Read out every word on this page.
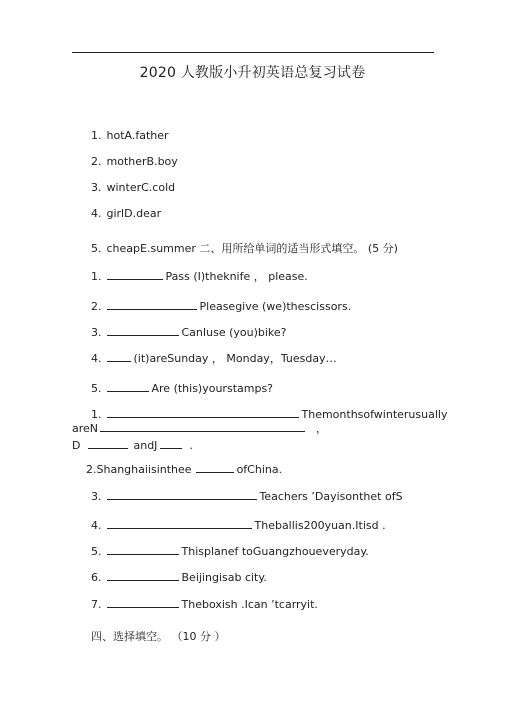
2020 人教版小升初英语总复习试卷
1. hotA.father
2. motherB.boy
3. winterC.cold
4. girlD.dear
5. cheapE.summer 二、用所给单词的适当形式填空。 (5 分)
1.	Pass (I)theknife ， please.
2.	Pleasegive (we)thescissors.
3.	CanIuse (you)bike?
4.	(it)areSunday ， Monday，Tuesday…
5.	Are (this)yourstamps?
1.	Themonthsofwinterusually
areN	，
D	andJ	.
2.Shanghaiisinthee	ofChina.
3.	Teachers ’Dayisonthet ofS
4.	Theballis200yuan.Itisd .
5.	Thisplanef toGuangzhoueveryday.
6.	Beijingisab city.
7.	Theboxish .Ican ’tcarryit.
四、选择填空。 （10 分 ）
